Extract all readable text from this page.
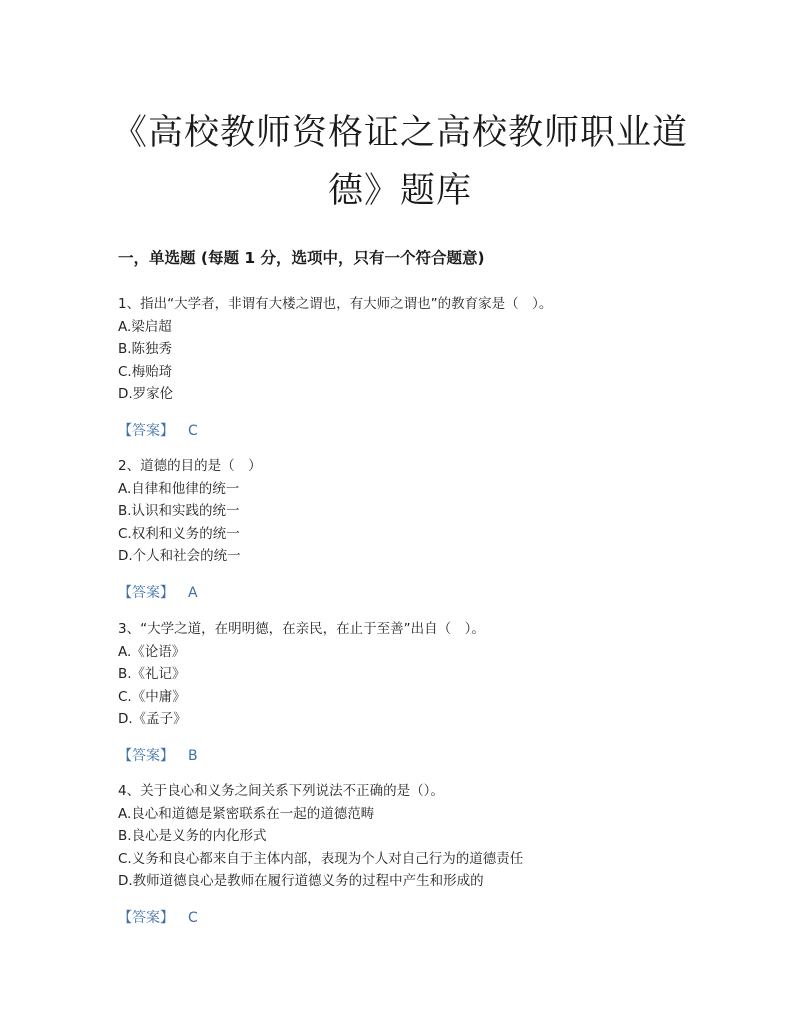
《高校教师资格证之高校教师职业道
德》题库
一，单选题 (每题 1 分，选项中，只有一个符合题意)
1、指出“大学者，非谓有大楼之谓也，有大师之谓也”的教育家是（　）。
A.梁启超
B.陈独秀
C.梅贻琦
D.罗家伦
【答案】 C
2、道德的目的是（　）
A.自律和他律的统一
B.认识和实践的统一
C.权利和义务的统一
D.个人和社会的统一
【答案】 A
3、“大学之道，在明明德，在亲民，在止于至善”出自（　）。
A.《论语》
B.《礼记》
C.《中庸》
D.《孟子》
【答案】 B
4、关于良心和义务之间关系下列说法不正确的是（）。
A.良心和道德是紧密联系在一起的道德范畴
B.良心是义务的内化形式
C.义务和良心都来自于主体内部，表现为个人对自己行为的道德责任
D.教师道德良心是教师在履行道德义务的过程中产生和形成的
【答案】 C
